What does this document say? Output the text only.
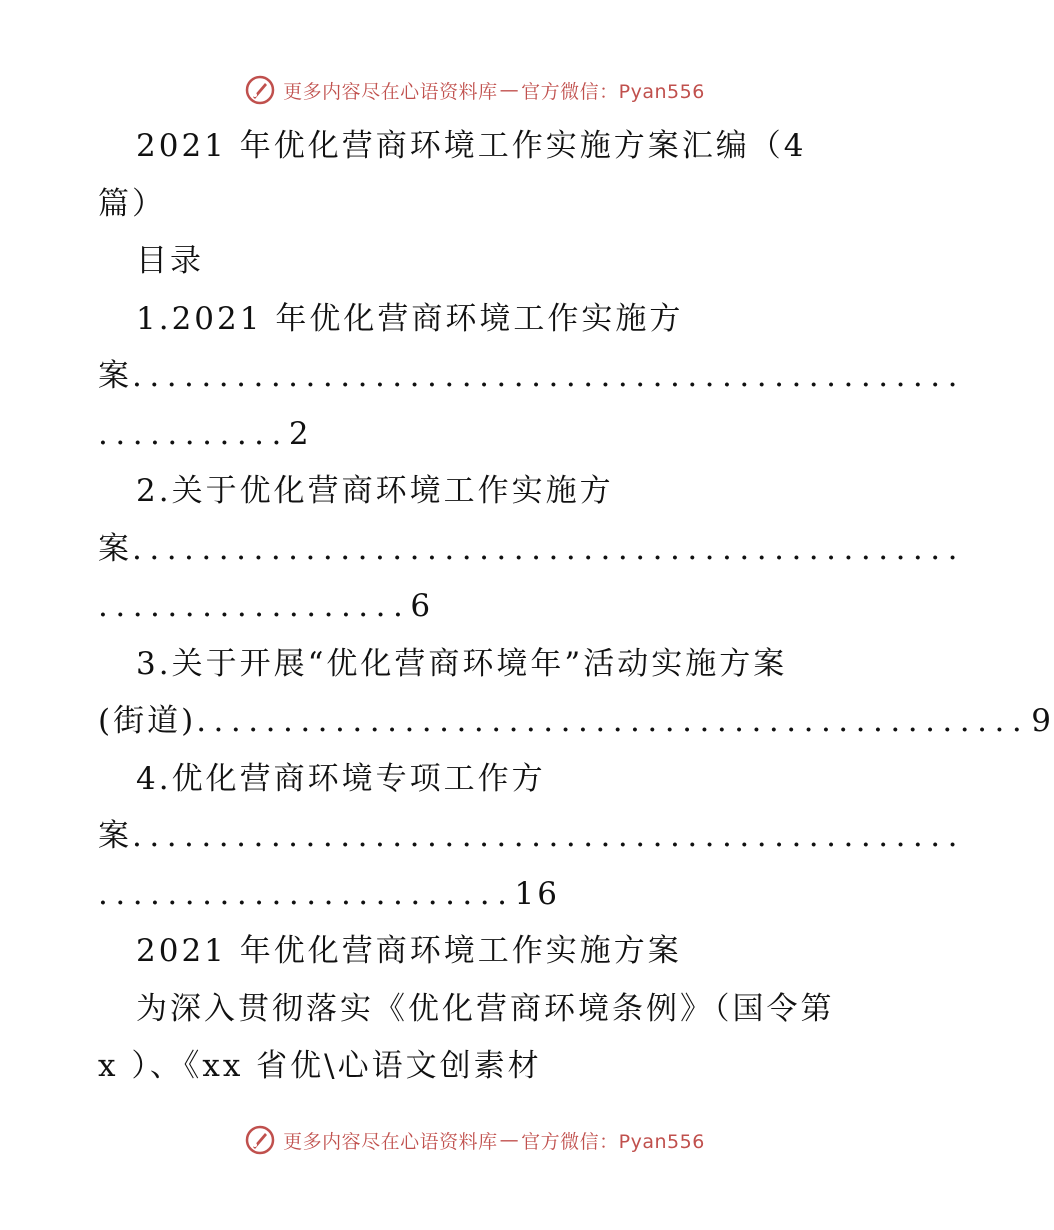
更多内容尽在心语资料库 — 官方微信：Pyan556
2021 年优化营商环境工作实施方案汇编（4
篇）
目录
1.2021 年优化营商环境工作实施方
案................................................
...........2
2.关于优化营商环境工作实施方
案................................................
..................6
3.关于开展“优化营商环境年”活动实施方案
(街道) ................................................ 9
4.优化营商环境专项工作方
案................................................
........................16
2021 年优化营商环境工作实施方案
为深入贯彻落实《优化营商环境条例》（国令第
x ）、《xx 省优\心语文创素材
更多内容尽在心语资料库 — 官方微信：Pyan556
